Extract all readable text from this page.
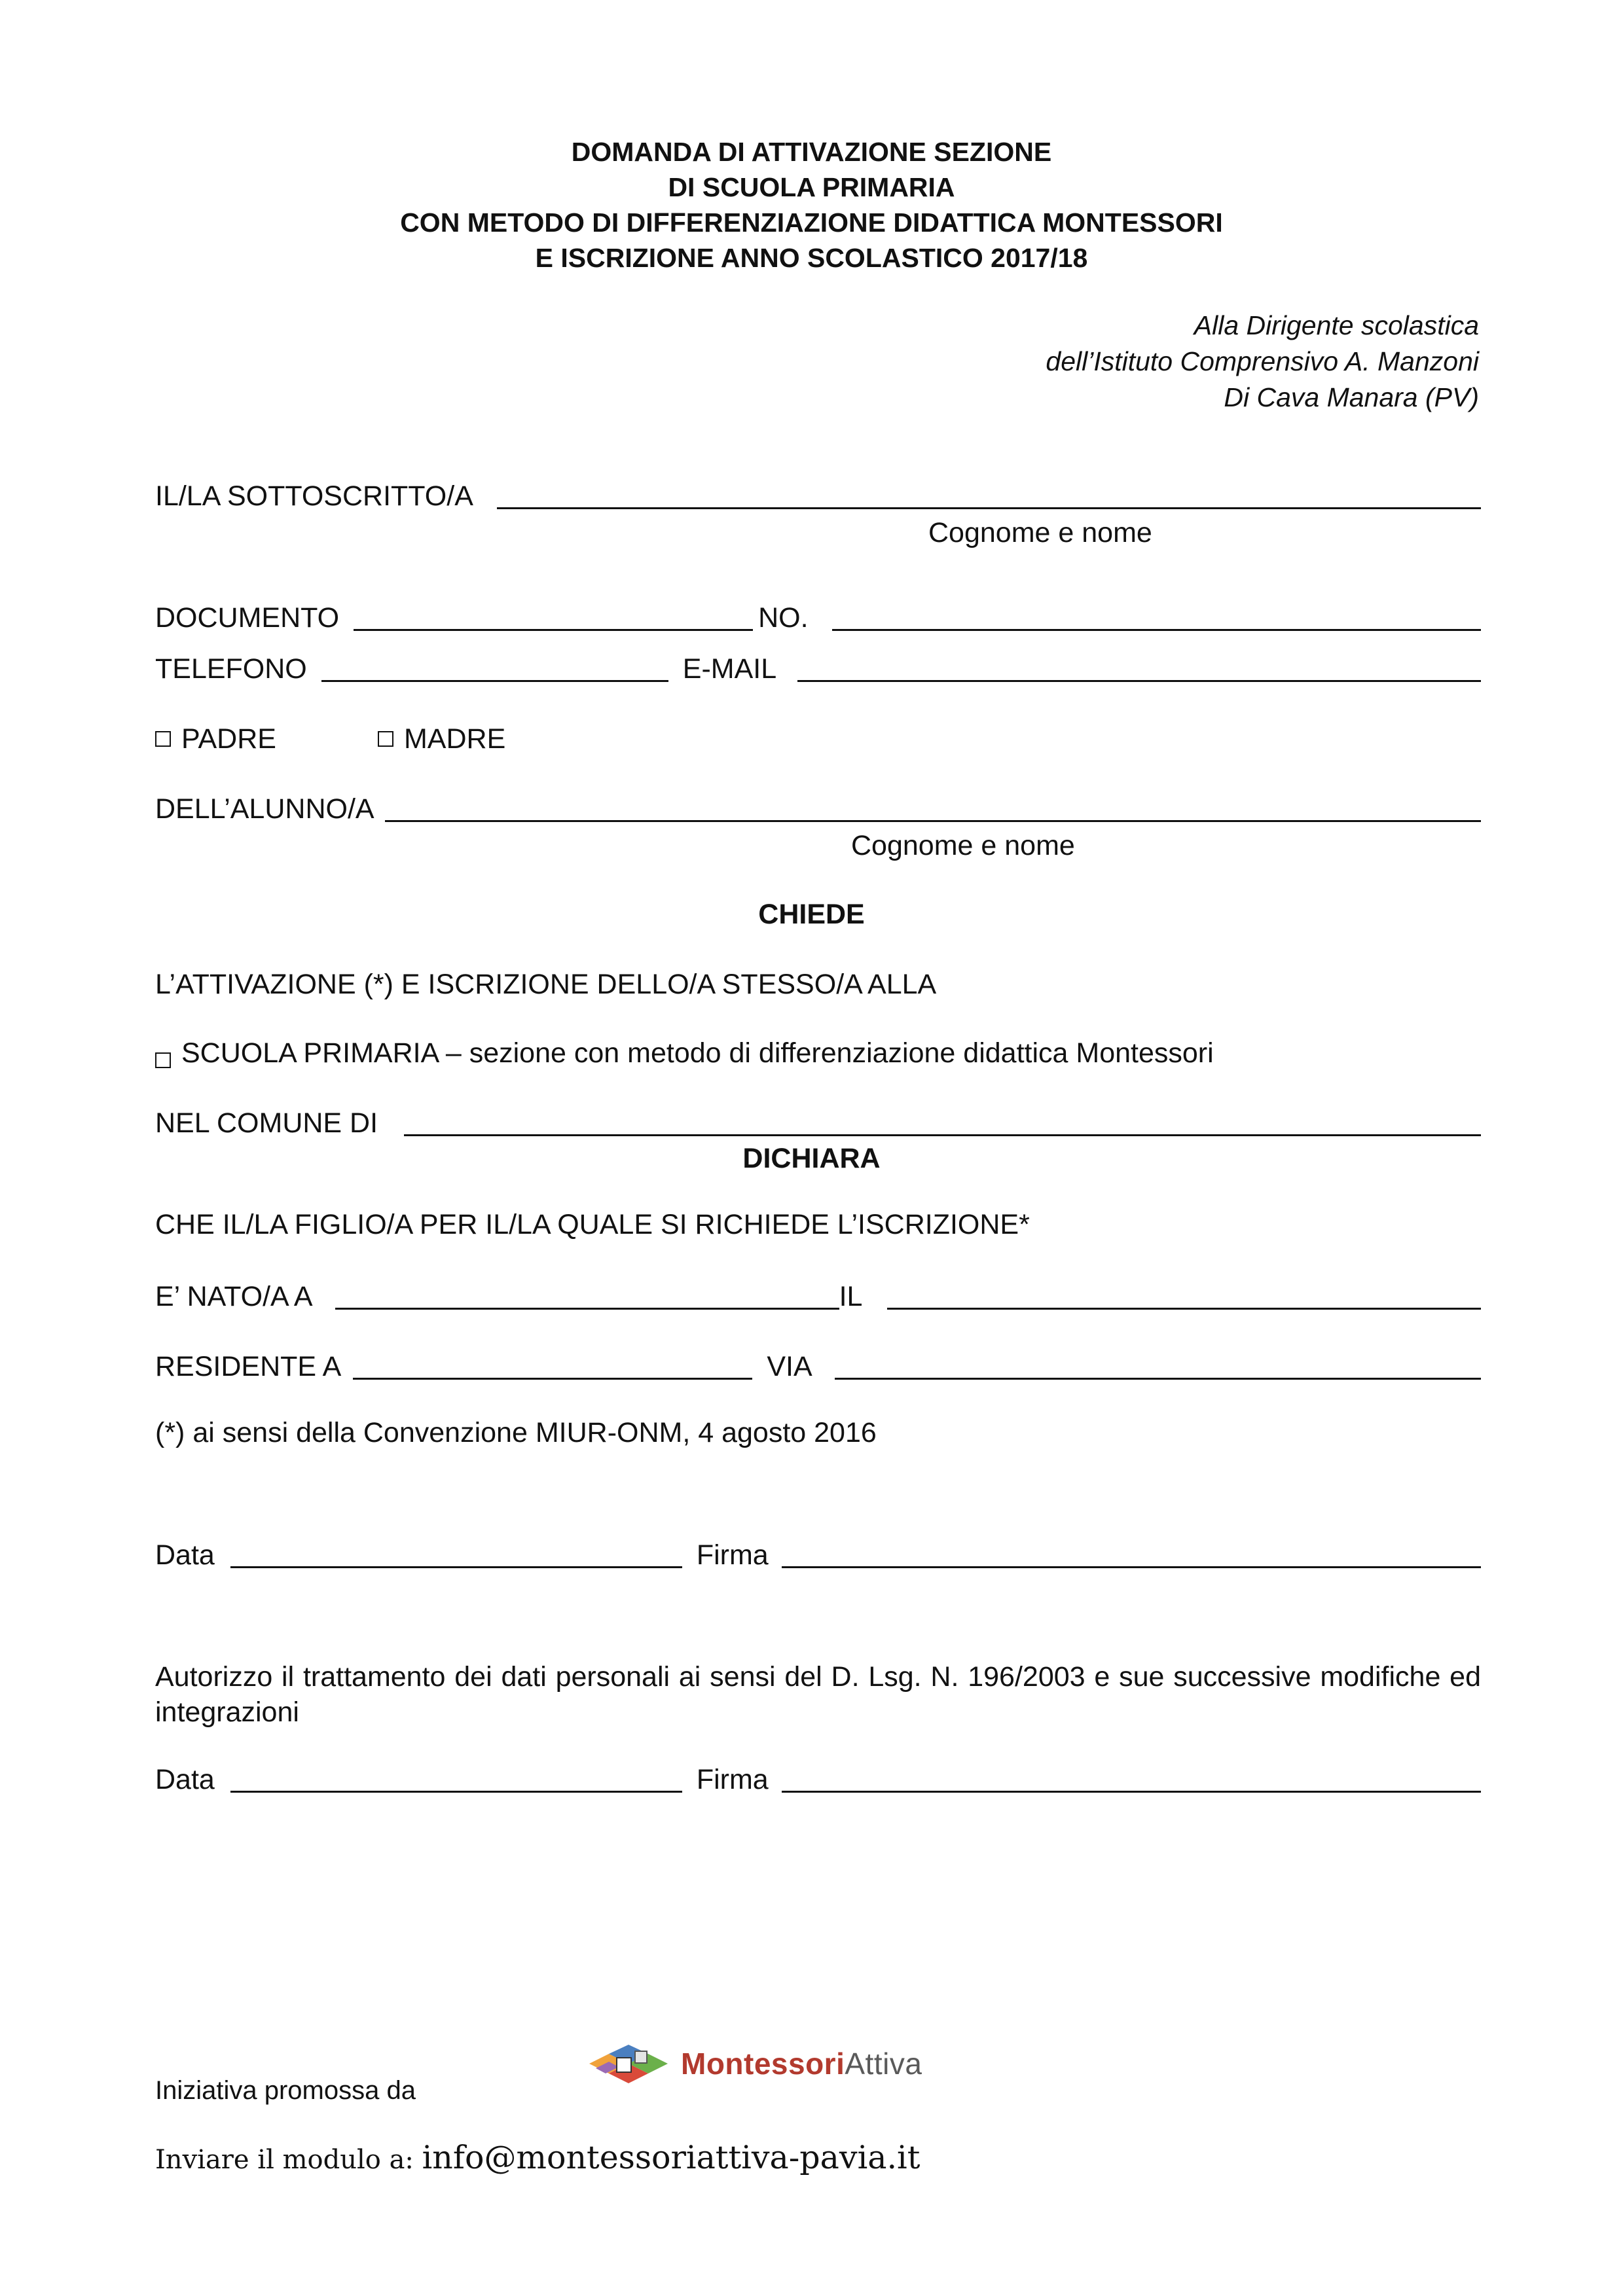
DOMANDA DI ATTIVAZIONE SEZIONE

DI SCUOLA PRIMARIA

CON METODO DI DIFFERENZIAZIONE DIDATTICA MONTESSORI

E ISCRIZIONE ANNO SCOLASTICO 2017/18

Alla Dirigente scolastica
dell’Istituto Comprensivo A. Manzoni
Di Cava Manara (PV)
IL/LA SOTTOSCRITTO/A
Cognome e nome
DOCUMENTO	NO.
TELEFONO	E-MAIL
PADRE	MADRE
DELL’ALUNNO/A
Cognome e nome
CHIEDE
L’ATTIVAZIONE (*) E ISCRIZIONE DELLO/A STESSO/A ALLA
SCUOLA PRIMARIA – sezione con metodo di differenziazione didattica Montessori
NEL COMUNE DI
DICHIARA
CHE IL/LA FIGLIO/A PER IL/LA QUALE SI RICHIEDE L’ISCRIZIONE*
E’ NATO/A A	IL
RESIDENTE A	VIA
(*) ai sensi della Convenzione MIUR-ONM, 4 agosto 2016
Data	Firma
Autorizzo il trattamento dei dati personali ai sensi del D. Lsg. N. 196/2003 e sue successive modifiche ed integrazioni
Data	Firma
Iniziativa promossa da
MontessoriAttiva
Inviare il modulo a: info@montessoriattiva-pavia.it
